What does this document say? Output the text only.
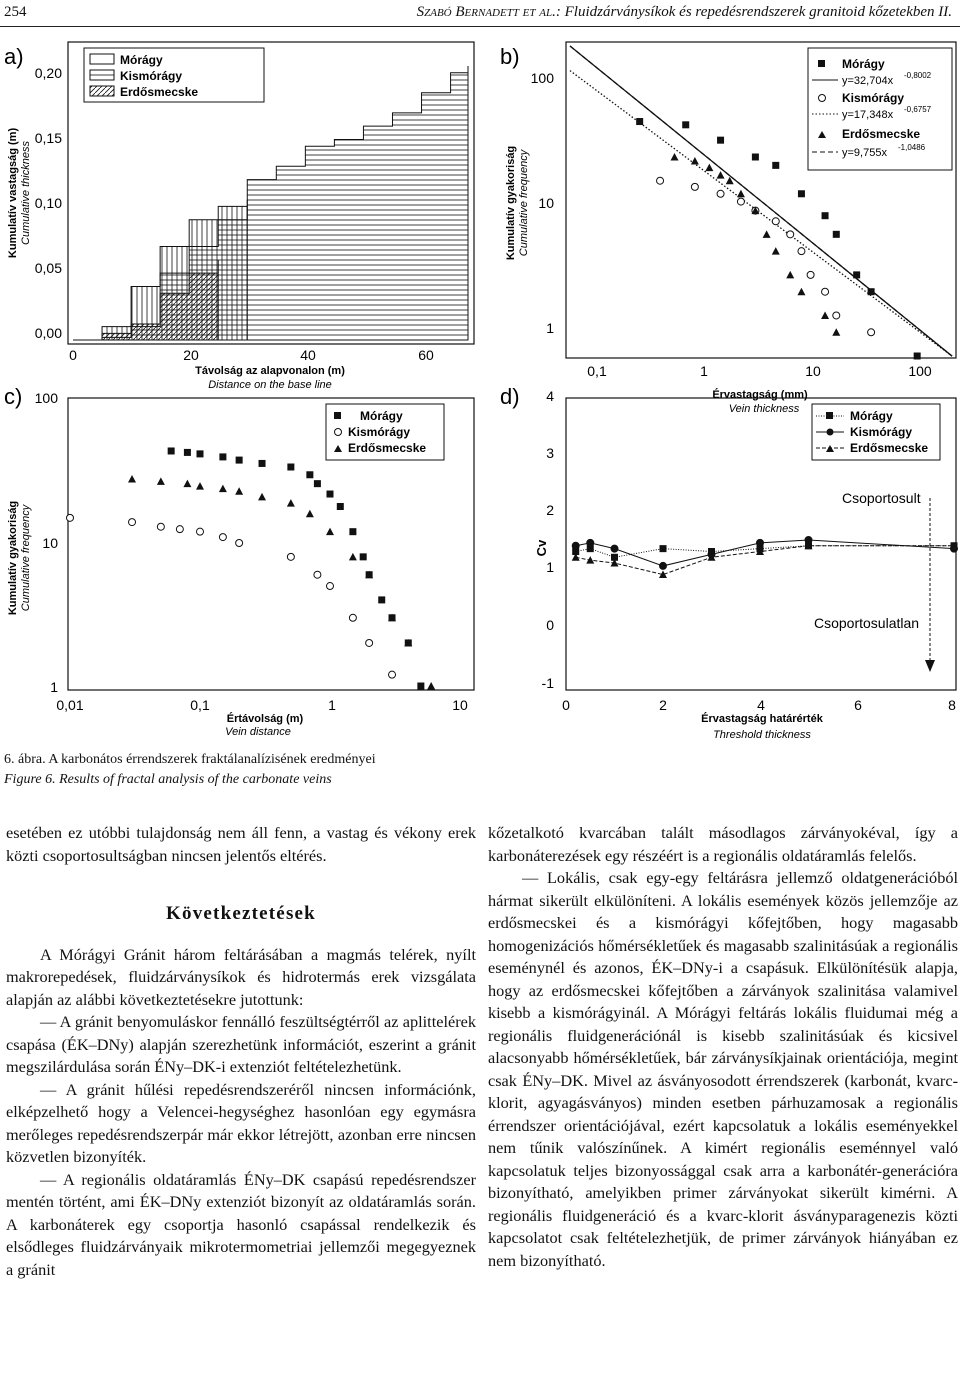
254	Szabó Bernadett et al.: Fluidzárványsíkok és repedésrendszerek granitoid kőzetekben II.
a)
0,20
0,15
0,10
0,05
0,00
0	20	40	60
Távolság az alapvonalon (m)
Distance on the base line
Kumulatív vastagság (m) Cumulative thickness
Mórágy
Kismórágy
Erdősmecske
b)
100
10
1
0,1	1	10	100
Érvastagság (mm)
Vein thickness
Kumulatív gyakoriság Cumulative frequency
Mórágy
y=32,704x -0,8002
Kismórágy
y=17,348x -0,6757
Erdősmecske
y=9,755x -1,0486
c) 100
10
1
0,01	0,1	1	10
Értávolság (m)
Vein distance
Kumulatív gyakoriság Cumulative frequency
Mórágy
Kismórágy
Erdősmecske
d) 4
3
2
1
0
-1
0	2	4	6	8
Érvastagság határérték
Threshold thickness
Cv
Mórágy
Kismórágy
Erdősmecske
Csoportosult
Csoportosulatlan
6. ábra. A karbonátos érrendszerek fraktálanalízisének eredményei
Figure 6. Results of fractal analysis of the carbonate veins

esetében ez utóbbi tulajdonság nem áll fenn, a vastag és vékony erek közti csoportosultságban nincsen jelentős eltérés.

Következtetések

A Mórágyi Gránit három feltárásában a magmás telérek, nyílt makrorepedések, fluidzárványsíkok és hidrotermás erek vizsgálata alapján az alábbi következtetésekre jutottunk:

— A gránit benyomuláskor fennálló feszültségtérről az aplittelérek csapása (ÉK–DNy) alapján szerezhetünk információt, eszerint a gránit megszilárdulása során ÉNy–DK-i extenziót feltételezhetünk.

— A gránit hűlési repedésrendszeréről nincsen információnk, elképzelhető hogy a Velencei-hegységhez hasonlóan egy egymásra merőleges repedésrendszerpár már ekkor létrejött, azonban erre nincsen közvetlen bizonyíték.

— A regionális oldatáramlás ÉNy–DK csapású repedésrendszer mentén történt, ami ÉK–DNy extenziót bizonyít az oldatáramlás során. A karbonáterek egy csoportja hasonló csapással rendelkezik és elsődleges fluidzárványaik mikrotermometriai jellemzői megegyeznek a gránit

kőzetalkotó kvarcában talált másodlagos zárványokéval, így a karbonáterezések egy részéért is a regionális oldatáramlás felelős.

— Lokális, csak egy-egy feltárásra jellemző oldatgenerációból hármat sikerült elkülöníteni. A lokális események közös jellemzője az erdősmecskei és a kismórágyi kőfejtőben, hogy magasabb homogenizációs hőmérsékletűek és magasabb szalinitásúak a regionális eseménynél és azonos, ÉK–DNy-i a csapásuk. Elkülönítésük alapja, hogy az erdősmecskei kőfejtőben a zárványok szalinitása valamivel kisebb a kismórágyinál. A Mórágyi feltárás lokális fluidumai még a regionális fluidgenerációnál is kisebb szalinitásúak és kicsivel alacsonyabb hőmérsékletűek, bár zárványsíkjainak orientációja, megint csak ÉNy–DK. Mivel az ásványosodott érrendszerek (karbonát, kvarc-klorit, agyagásványos) minden esetben párhuzamosak a regionális érrendszer orientációjával, ezért kapcsolatuk a lokális eseményekkel nem tűnik valószínűnek. A kimért regionális eseménnyel való kapcsolatuk teljes bizonyossággal csak arra a karbonátér-generációra bizonyítható, amelyikben primer zárványokat sikerült kimérni. A regionális fluidgeneráció és a kvarc-klorit ásványparagenezis közti kapcsolatot csak feltételezhetjük, de primer zárványok hiányában ez nem bizonyítható.
